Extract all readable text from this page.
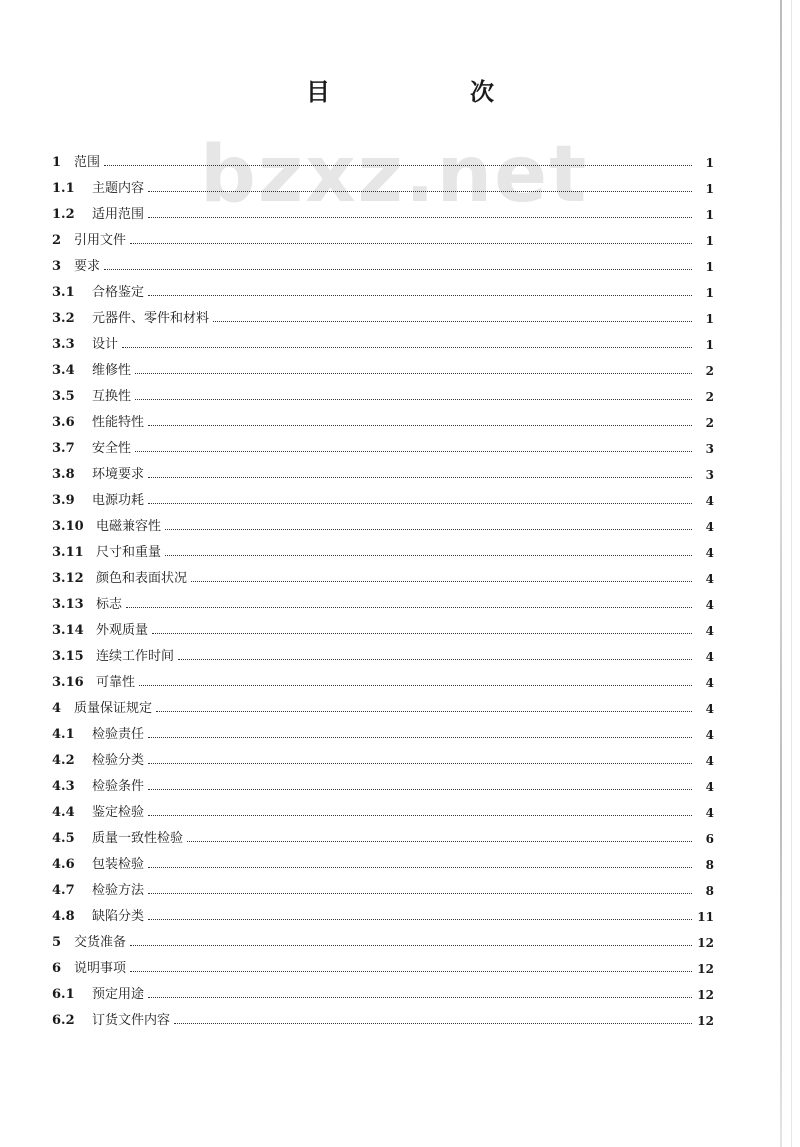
bzxz.net
目　次
1 范围	1
1.1	主题内容	1
1.2	适用范围	1
2 引用文件	1
3 要求	1
3.1	合格鉴定	1
3.2	元器件、零件和材料	1
3.3	设计	1
3.4	维修性	2
3.5	互换性	2
3.6	性能特性	2
3.7	安全性	3
3.8	环境要求	3
3.9	电源功耗	4
3.10 电磁兼容性	4
3.11 尺寸和重量	4
3.12 颜色和表面状况	4
3.13 标志	4
3.14 外观质量	4
3.15 连续工作时间	4
3.16 可靠性	4
4 质量保证规定	4
4.1	检验责任	4
4.2	检验分类	4
4.3	检验条件	4
4.4	鉴定检验	4
4.5	质量一致性检验	6
4.6	包装检验	8
4.7	检验方法	8
4.8	缺陷分类	11
5 交货准备	12
6 说明事项	12
6.1	预定用途	12
6.2	订货文件内容	12
